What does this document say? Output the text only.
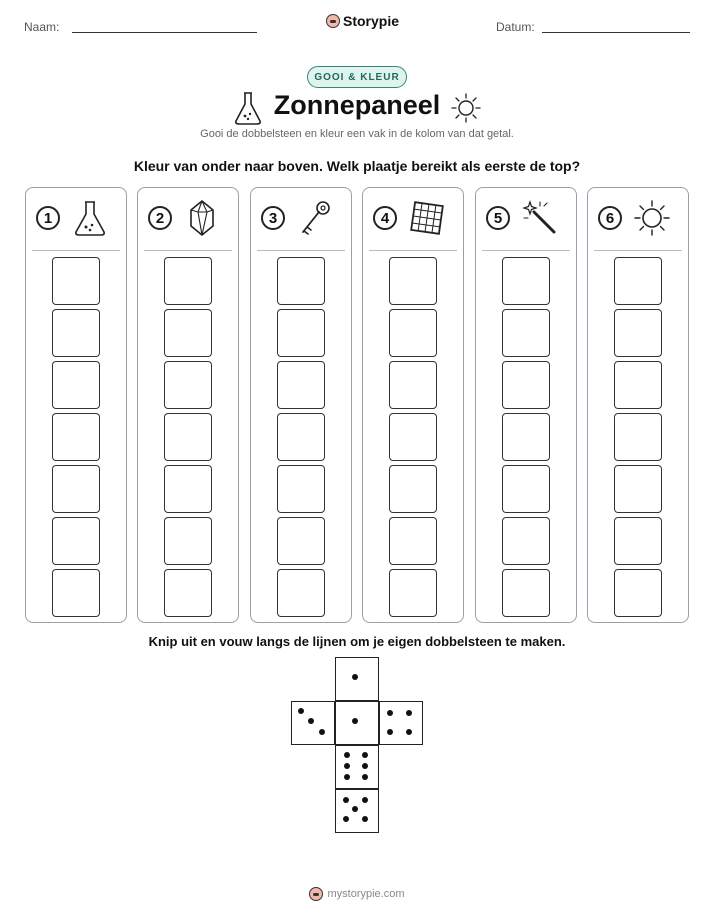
Naam:	Storypie	Datum:
GOOI & KLEUR
Zonnepaneel
Gooi de dobbelsteen en kleur een vak in de kolom van dat getal.
Kleur van onder naar boven. Welk plaatje bereikt als eerste de top?
1	2	3	4	5	6
Knip uit en vouw langs de lijnen om je eigen dobbelsteen te maken.
mystorypie.com
